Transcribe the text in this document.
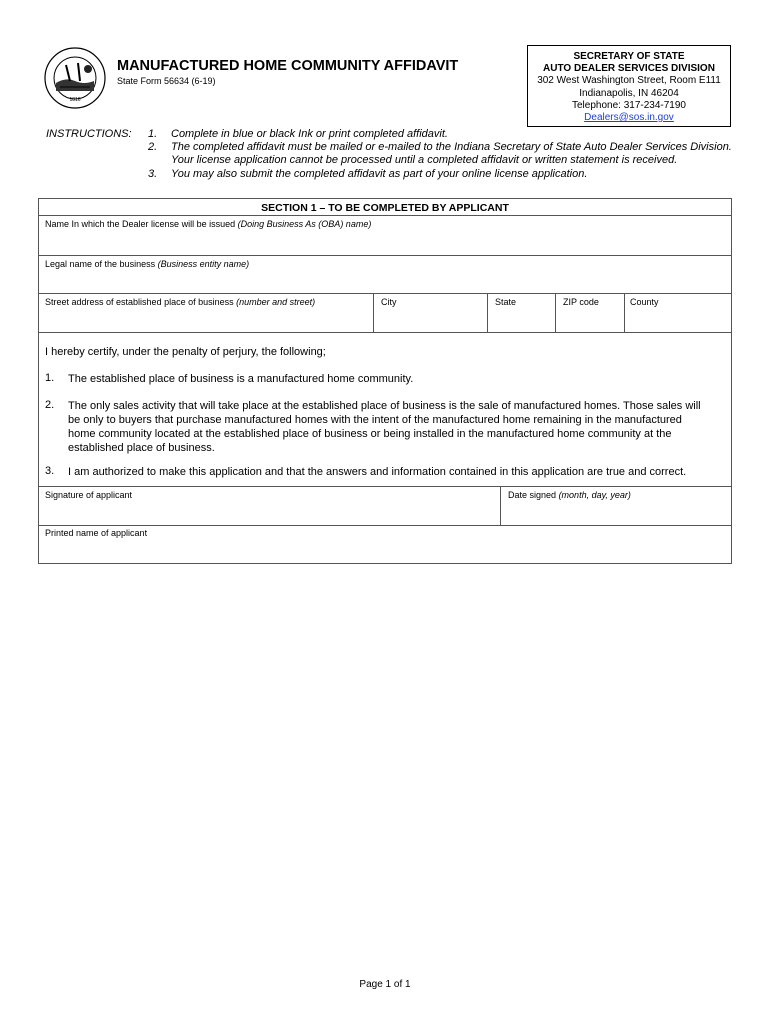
1816
MANUFACTURED HOME COMMUNITY AFFIDAVIT
State Form 56634 (6-19)
SECRETARY OF STATE
AUTO DEALER SERVICES DIVISION
302 West Washington Street, Room E111
Indianapolis, IN 46204
Telephone: 317-234-7190
Dealers@sos.in.gov
INSTRUCTIONS: 1. Complete in blue or black Ink or print completed affidavit.
2. The completed affidavit must be mailed or e-mailed to the Indiana Secretary of State Auto Dealer Services Division.
Your license application cannot be processed until a completed affidavit or written statement is received.
3. You may also submit the completed affidavit as part of your online license application.
SECTION 1 – TO BE COMPLETED BY APPLICANT
Name In which the Dealer license will be issued (Doing Business As (OBA) name)
Legal name of the business (Business entity name)
Street address of established place of business (number and street)	City	State	ZIP code	County
I hereby certify, under the penalty of perjury, the following;
1. The established place of business is a manufactured home community.
2. The only sales activity that will take place at the established place of business is the sale of manufactured homes. Those sales will
be only to buyers that purchase manufactured homes with the intent of the manufactured home remaining in the manufactured
home community located at the established place of business or being installed in the manufactured home community at the
established place of business.
3. I am authorized to make this application and that the answers and information contained in this application are true and correct.
Signature of applicant	Date signed (month, day, year)
Printed name of applicant
Page 1 of 1
